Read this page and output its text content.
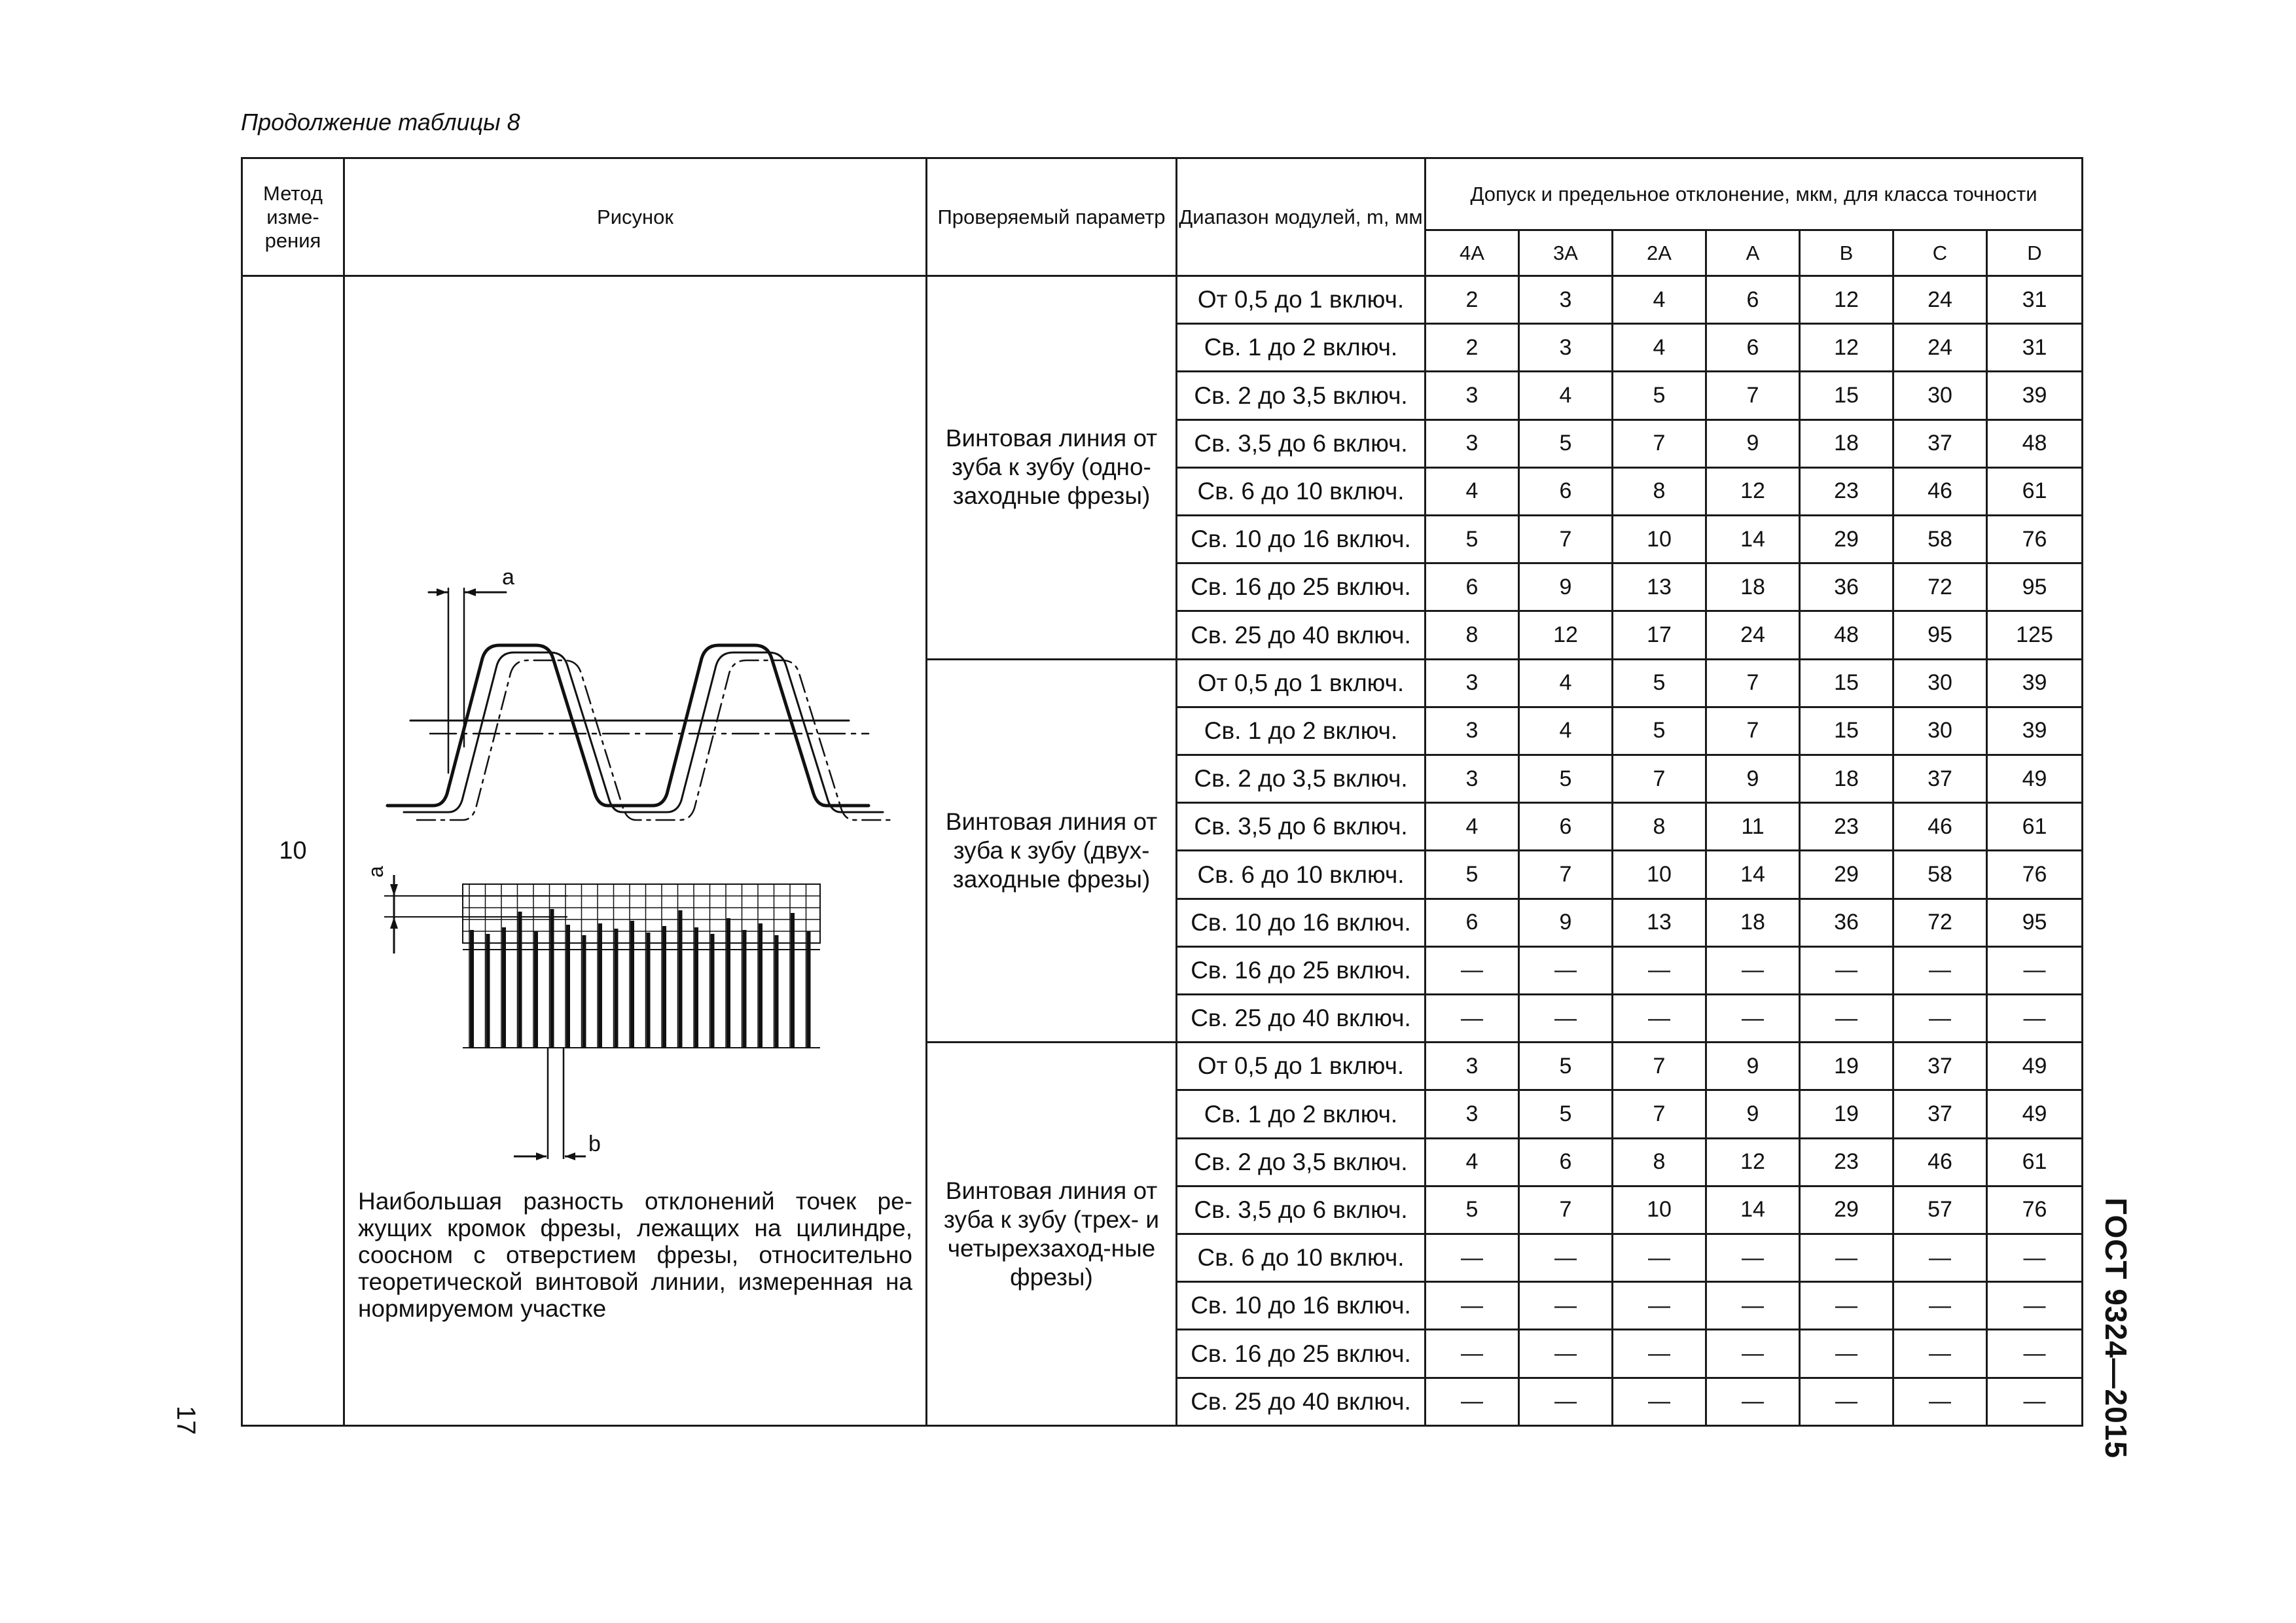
Продолжение таблицы 8
ГОСТ 9324—2015
17
Метод изме-рения	Рисунок	Проверяемый параметр	Диапазон модулей, m, мм	Допуск и предельное отклонение, мкм, для класса точности						
				4А	3А	2А	А	В	С	D
10	a
a
b
Наибольшая разность отклонений точек ре-жущих кромок фрезы, лежащих на цилиндре, соосном с отверстием фрезы, относительно теоретической винтовой линии, измеренная на нормируемом участке	Винтовая линия от зуба к зубу (одно-заходные фрезы)	От 0,5 до 1 включ.	2	3	4	6	12	24	31
			Св. 1 до 2 включ.	2	3	4	6	12	24	31
			Св. 2 до 3,5 включ.	3	4	5	7	15	30	39
			Св. 3,5 до 6 включ.	3	5	7	9	18	37	48
			Св. 6 до 10 включ.	4	6	8	12	23	46	61
			Св. 10 до 16 включ.	5	7	10	14	29	58	76
			Св. 16 до 25 включ.	6	9	13	18	36	72	95
			Св. 25 до 40 включ.	8	12	17	24	48	95	125
		Винтовая линия от зуба к зубу (двух-заходные фрезы)	От 0,5 до 1 включ.	3	4	5	7	15	30	39
			Св. 1 до 2 включ.	3	4	5	7	15	30	39
			Св. 2 до 3,5 включ.	3	5	7	9	18	37	49
			Св. 3,5 до 6 включ.	4	6	8	11	23	46	61
			Св. 6 до 10 включ.	5	7	10	14	29	58	76
			Св. 10 до 16 включ.	6	9	13	18	36	72	95
			Св. 16 до 25 включ.	—	—	—	—	—	—	—
			Св. 25 до 40 включ.	—	—	—	—	—	—	—
		Винтовая линия от зуба к зубу (трех- и четырехзаход-ные фрезы)	От 0,5 до 1 включ.	3	5	7	9	19	37	49
			Св. 1 до 2 включ.	3	5	7	9	19	37	49
			Св. 2 до 3,5 включ.	4	6	8	12	23	46	61
			Св. 3,5 до 6 включ.	5	7	10	14	29	57	76
			Св. 6 до 10 включ.	—	—	—	—	—	—	—
			Св. 10 до 16 включ.	—	—	—	—	—	—	—
			Св. 16 до 25 включ.	—	—	—	—	—	—	—
			Св. 25 до 40 включ.	—	—	—	—	—	—	—
